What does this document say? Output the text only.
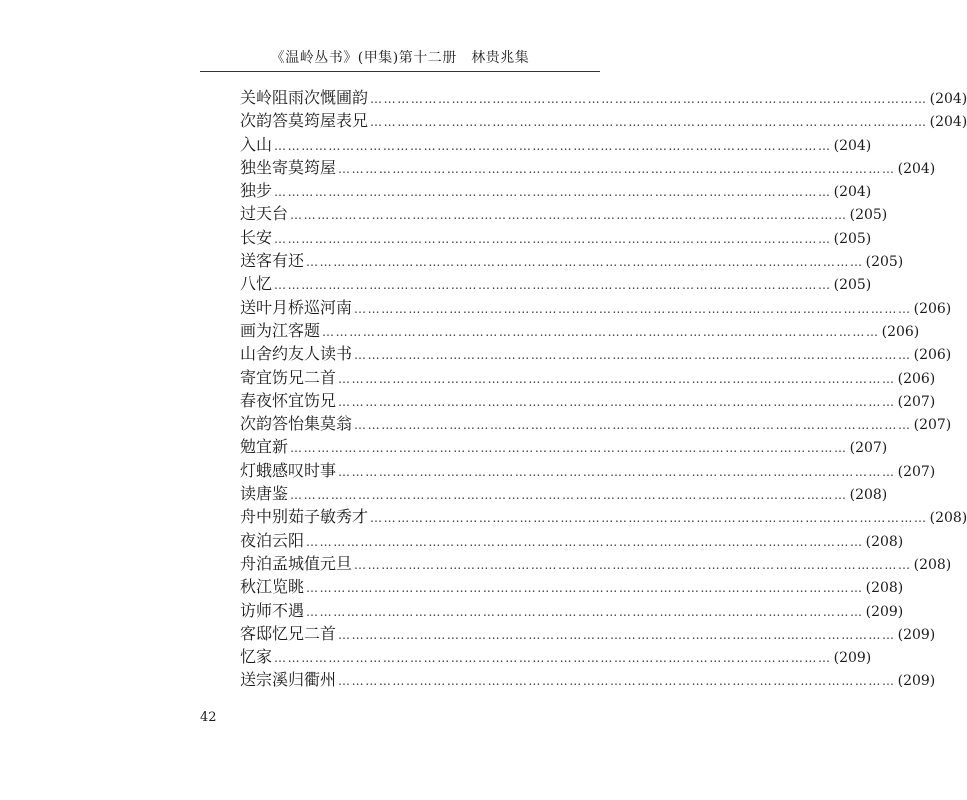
《温岭丛书》(甲集)第十二册　林贵兆集
关岭阻雨次慨圃韵 …………………………………………………………………………………………………………… (204)
次韵答莫筠屋表兄 …………………………………………………………………………………………………………… (204)
入山 …………………………………………………………………………………………………………… (204)
独坐寄莫筠屋 …………………………………………………………………………………………………………… (204)
独步 …………………………………………………………………………………………………………… (204)
过天台 …………………………………………………………………………………………………………… (205)
长安 …………………………………………………………………………………………………………… (205)
送客有还 …………………………………………………………………………………………………………… (205)
八忆 …………………………………………………………………………………………………………… (205)
送叶月桥巡河南 …………………………………………………………………………………………………………… (206)
画为江客题 …………………………………………………………………………………………………………… (206)
山舍约友人读书 …………………………………………………………………………………………………………… (206)
寄宜饬兄二首 …………………………………………………………………………………………………………… (206)
春夜怀宜饬兄 …………………………………………………………………………………………………………… (207)
次韵答怡集莫翁 …………………………………………………………………………………………………………… (207)
勉宜新 …………………………………………………………………………………………………………… (207)
灯蛾感叹时事 …………………………………………………………………………………………………………… (207)
读唐鉴 …………………………………………………………………………………………………………… (208)
舟中别茹子敏秀才 …………………………………………………………………………………………………………… (208)
夜泊云阳 …………………………………………………………………………………………………………… (208)
舟泊孟城值元旦 …………………………………………………………………………………………………………… (208)
秋江览眺 …………………………………………………………………………………………………………… (208)
访师不遇 …………………………………………………………………………………………………………… (209)
客邸忆兄二首 …………………………………………………………………………………………………………… (209)
忆家 …………………………………………………………………………………………………………… (209)
送宗溪归衢州 …………………………………………………………………………………………………………… (209)
42
